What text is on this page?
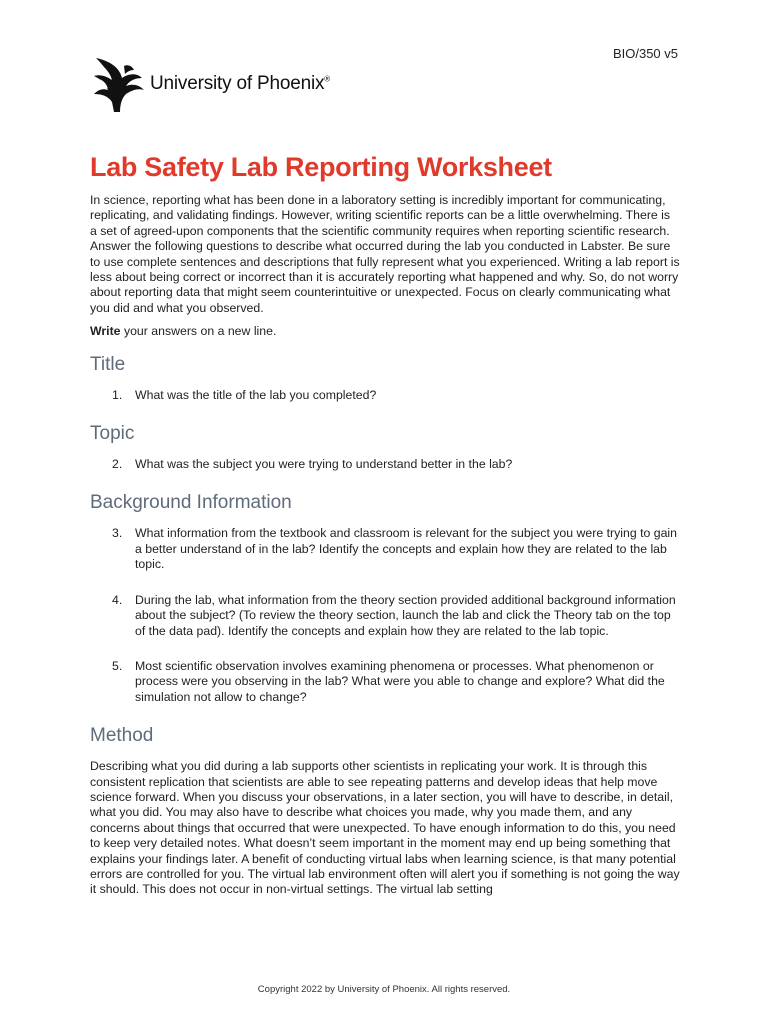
BIO/350 v5
University of Phoenix®
Lab Safety Lab Reporting Worksheet

In science, reporting what has been done in a laboratory setting is incredibly important for communicating, replicating, and validating findings. However, writing scientific reports can be a little overwhelming. There is a set of agreed-upon components that the scientific community requires when reporting scientific research. Answer the following questions to describe what occurred during the lab you conducted in Labster. Be sure to use complete sentences and descriptions that fully represent what you experienced. Writing a lab report is less about being correct or incorrect than it is accurately reporting what happened and why. So, do not worry about reporting data that might seem counterintuitive or unexpected. Focus on clearly communicating what you did and what you observed.

Write your answers on a new line.

Title
1. What was the title of the lab you completed?
Topic
2. What was the subject you were trying to understand better in the lab?
Background Information
3. What information from the textbook and classroom is relevant for the subject you were trying to gain a better understand of in the lab? Identify the concepts and explain how they are related to the lab topic.
4. During the lab, what information from the theory section provided additional background information about the subject? (To review the theory section, launch the lab and click the Theory tab on the top of the data pad). Identify the concepts and explain how they are related to the lab topic.
5. Most scientific observation involves examining phenomena or processes. What phenomenon or process were you observing in the lab? What were you able to change and explore? What did the simulation not allow to change?
Method

Describing what you did during a lab supports other scientists in replicating your work. It is through this consistent replication that scientists are able to see repeating patterns and develop ideas that help move science forward. When you discuss your observations, in a later section, you will have to describe, in detail, what you did. You may also have to describe what choices you made, why you made them, and any concerns about things that occurred that were unexpected. To have enough information to do this, you need to keep very detailed notes. What doesn’t seem important in the moment may end up being something that explains your findings later. A benefit of conducting virtual labs when learning science, is that many potential errors are controlled for you. The virtual lab environment often will alert you if something is not going the way it should. This does not occur in non-virtual settings. The virtual lab setting

Copyright 2022 by University of Phoenix. All rights reserved.
